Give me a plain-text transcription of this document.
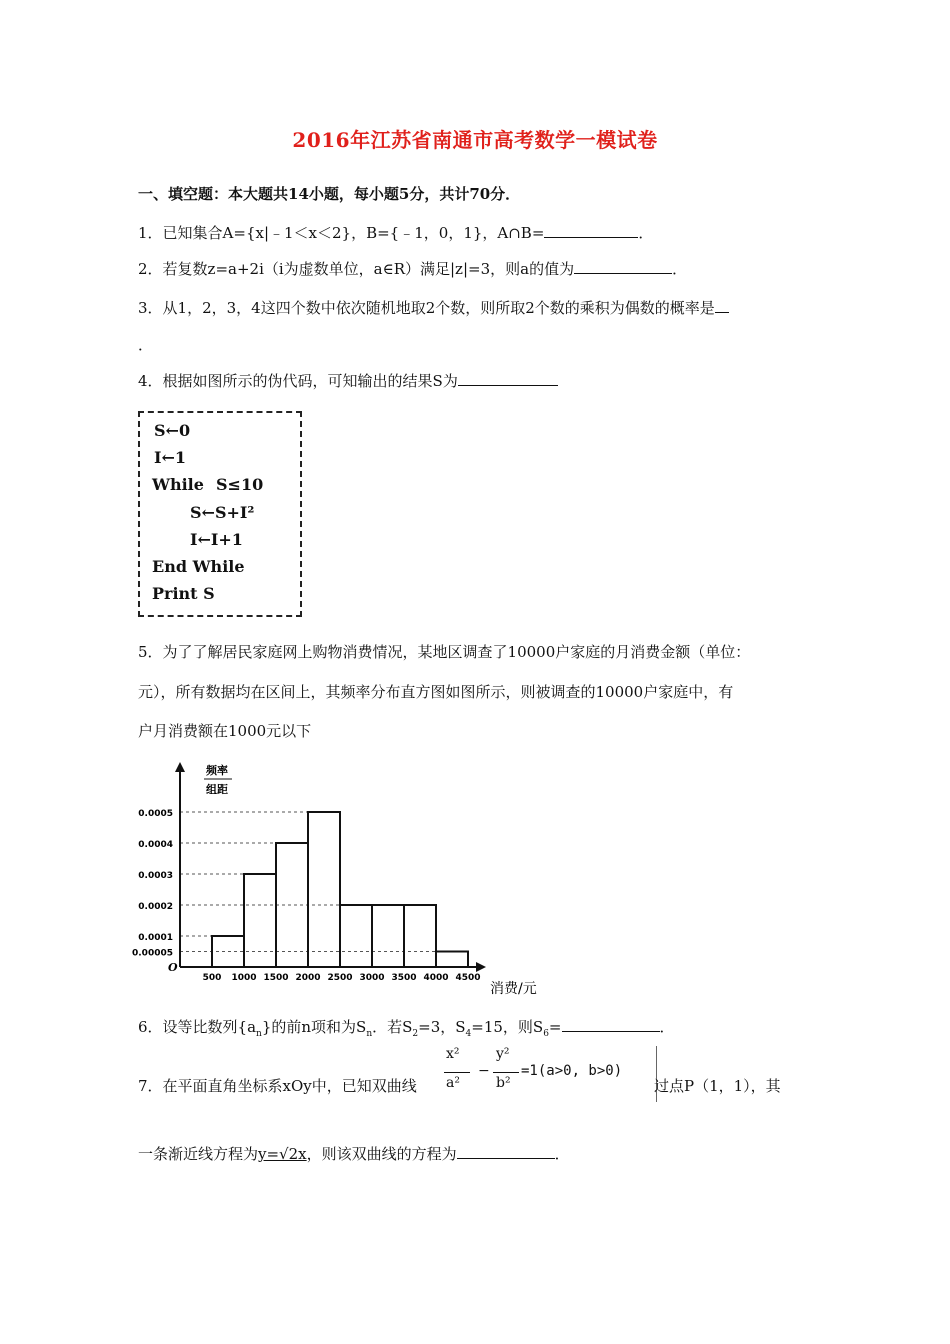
2016年江苏省南通市高考数学一模试卷
一、填空题：本大题共14小题，每小题5分，共计70分．
1．已知集合A={x|﹣1＜x＜2}，B={﹣1，0，1}，A∩B=	．
2．若复数z=a+2i（i为虚数单位，a∈R）满足|z|=3，则a的值为	．
3．从1，2，3，4这四个数中依次随机地取2个数，则所取2个数的乘积为偶数的概率是
．
4．根据如图所示的伪代码，可知输出的结果S为
S←0
I←1
While S≤10
S←S+I²
I←I+1
End While
Print S
5．为了了解居民家庭网上购物消费情况，某地区调查了10000户家庭的月消费金额（单位：
元），所有数据均在区间上，其频率分布直方图如图所示，则被调查的10000户家庭中，有
户月消费额在1000元以下
频率
组距
0.00005
0.0001
0.0002
0.0003
0.0004
0.0005
O
500 1000 1500 2000 2500 3000 3500 4000 4500
消费/元
6．设等比数列$\{a_n\}$的前n项和为$S_n$．若$S_2=3$，$S_4=15$，则$S_6=$	．
7．在平面直角坐标系xOy中，已知双曲线
x²
a²
−
y²
b²
=1(a>0, b>0)
过点P（1，1），其
一条渐近线方程为y=√2x，则该双曲线的方程为	．
